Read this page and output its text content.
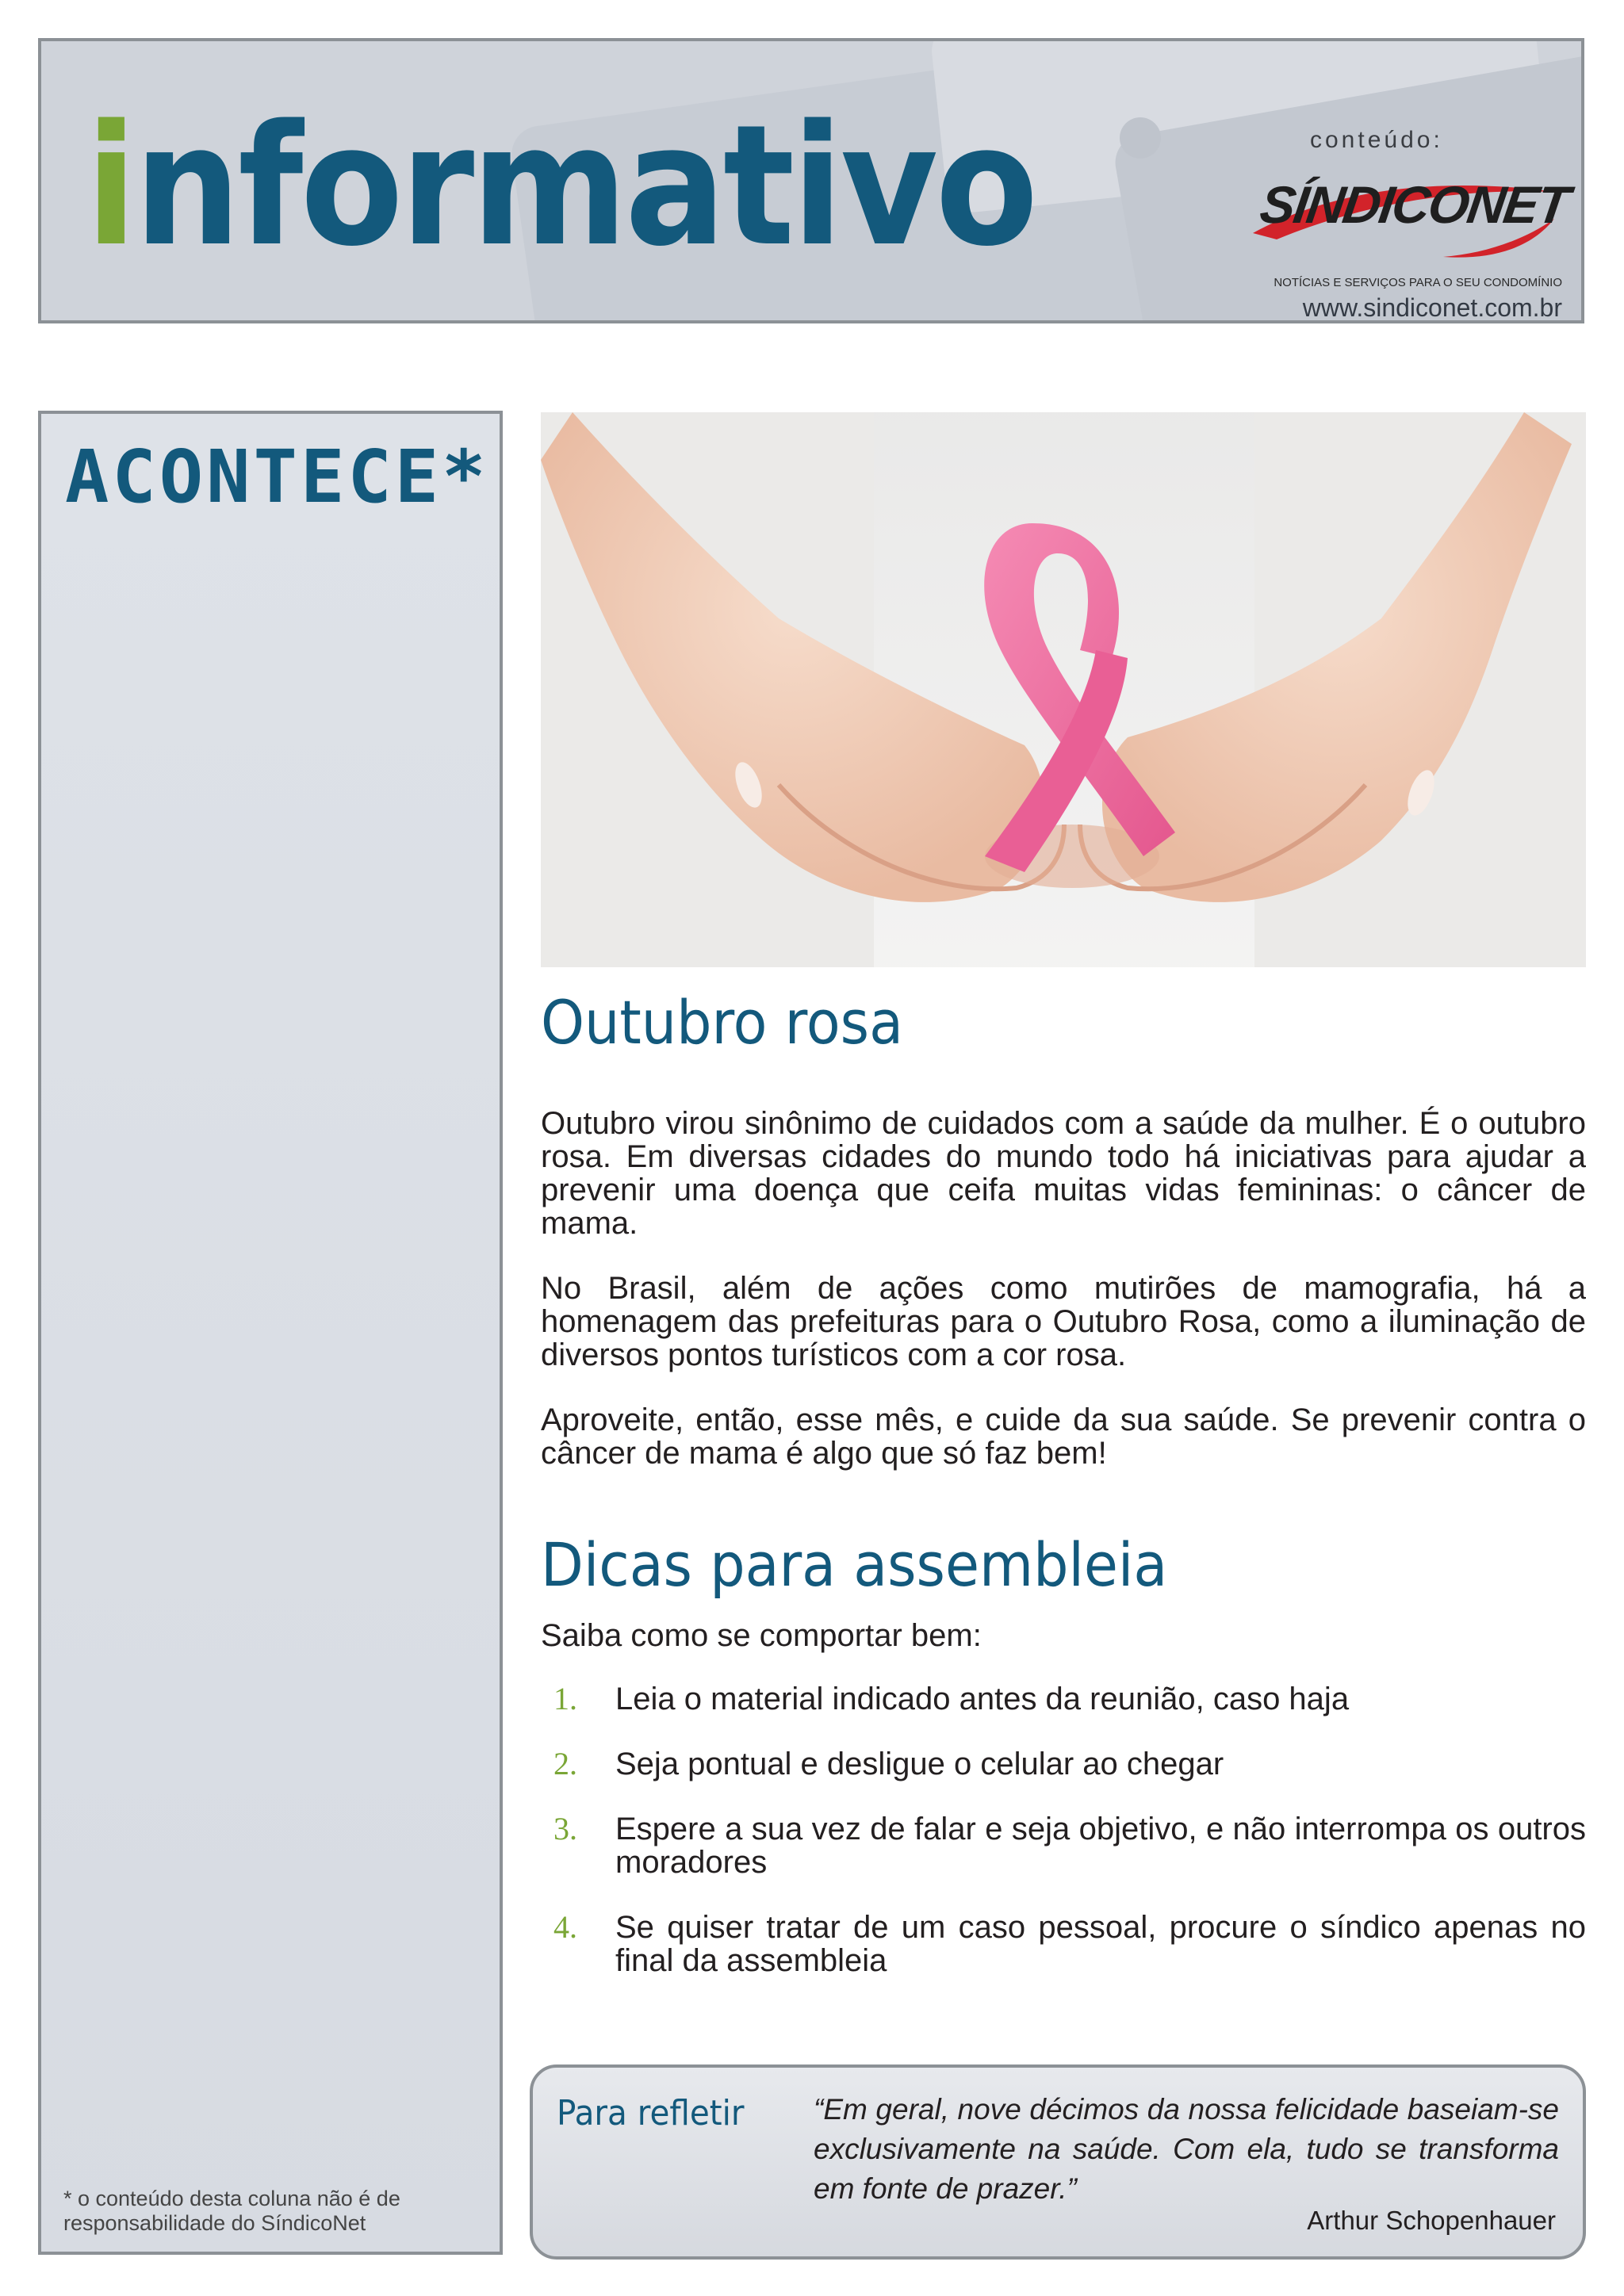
informativo	conteúdo:
SÍNDICONET
NOTÍCIAS E SERVIÇOS PARA O SEU CONDOMÍNIO
www.sindiconet.com.br
ACONTECE*
* o conteúdo desta coluna não é de responsabilidade do SíndicoNet
Outubro rosa
Outubro virou sinônimo de cuidados com a saúde da mulher. É o outubro rosa. Em diversas cidades do mundo todo há iniciativas para ajudar a prevenir uma doença que ceifa muitas vidas femininas: o câncer de mama.
No Brasil, além de ações como mutirões de mamografia, há a homenagem das prefeituras para o Outubro Rosa, como a iluminação de diversos pontos turísticos com a cor rosa.
Aproveite, então, esse mês, e cuide da sua saúde. Se prevenir contra o câncer de mama é algo que só faz bem!
Dicas para assembleia
Saiba como se comportar bem:
1. Leia o material indicado antes da reunião, caso haja
2. Seja pontual e desligue o celular ao chegar
3. Espere a sua vez de falar e seja objetivo, e não interrompa os outros moradores
4. Se quiser tratar de um caso pessoal, procure o síndico apenas no final da assembleia
Para refletir “Em geral, nove décimos da nossa felicidade baseiam-se exclusivamente na saúde. Com ela, tudo se transforma em fonte de prazer.”
Arthur Schopenhauer
